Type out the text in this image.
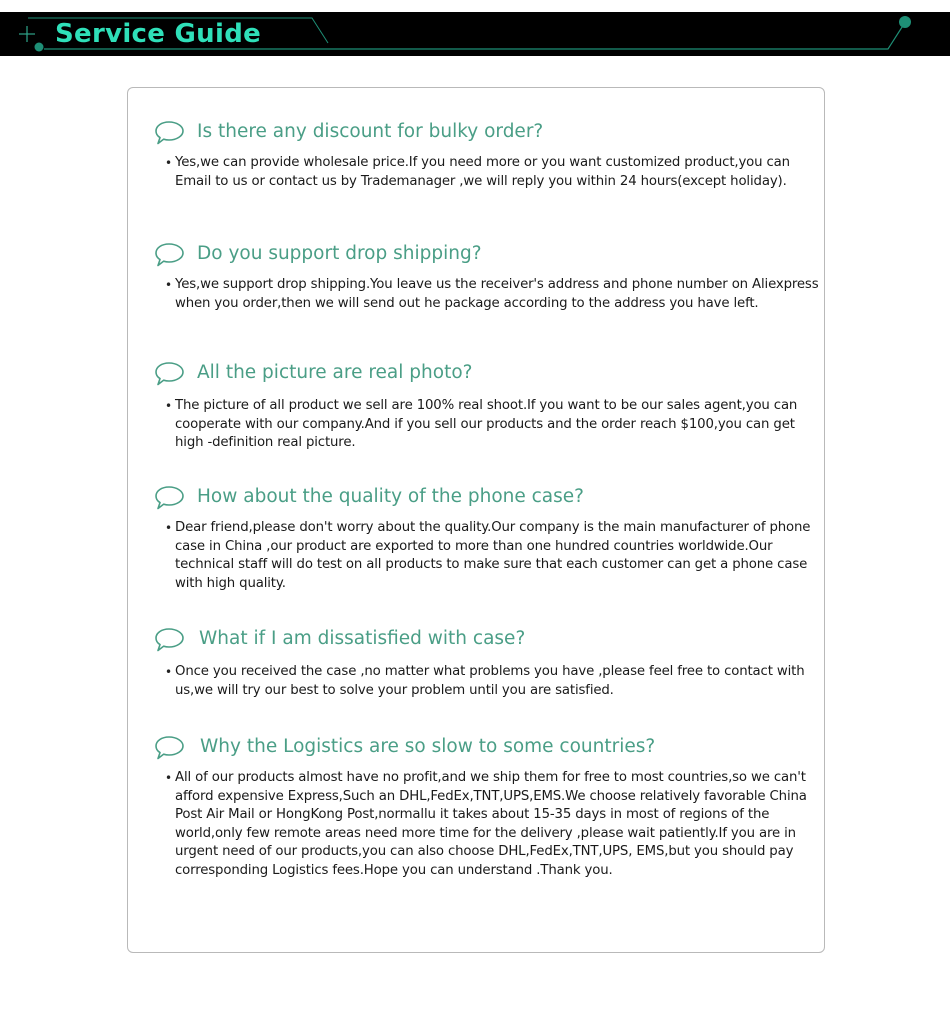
Service Guide
Is there any discount for bulky order?
• Yes,we can provide wholesale price.If you need more or you want customized product,you can Email to us or contact us by Trademanager ,we will reply you within 24 hours(except holiday).
Do you support drop shipping?
• Yes,we support drop shipping.You leave us the receiver's address and phone number on Aliexpress when you order,then we will send out he package according to the address you have left.
All the picture are real photo?
• The picture of all product we sell are 100% real shoot.If you want to be our sales agent,you can cooperate with our company.And if you sell our products and the order reach $100,you can get high -definition real picture.
How about the quality of the phone case?
• Dear friend,please don't worry about the quality.Our company is the main manufacturer of phone case in China ,our product are exported to more than one hundred countries worldwide.Our technical staff will do test on all products to make sure that each customer can get a phone case with high quality.
What if I am dissatisfied with case?
• Once you received the case ,no matter what problems you have ,please feel free to contact with us,we will try our best to solve your problem until you are satisfied.
Why the Logistics are so slow to some countries?
• All of our products almost have no profit,and we ship them for free to most countries,so we can't afford expensive Express,Such an DHL,FedEx,TNT,UPS,EMS.We choose relatively favorable China Post Air Mail or HongKong Post,normallu it takes about 15-35 days in most of regions of the world,only few remote areas need more time for the delivery ,please wait patiently.If you are in urgent need of our products,you can also choose DHL,FedEx,TNT,UPS, EMS,but you should pay corresponding Logistics fees.Hope you can understand .Thank you.
